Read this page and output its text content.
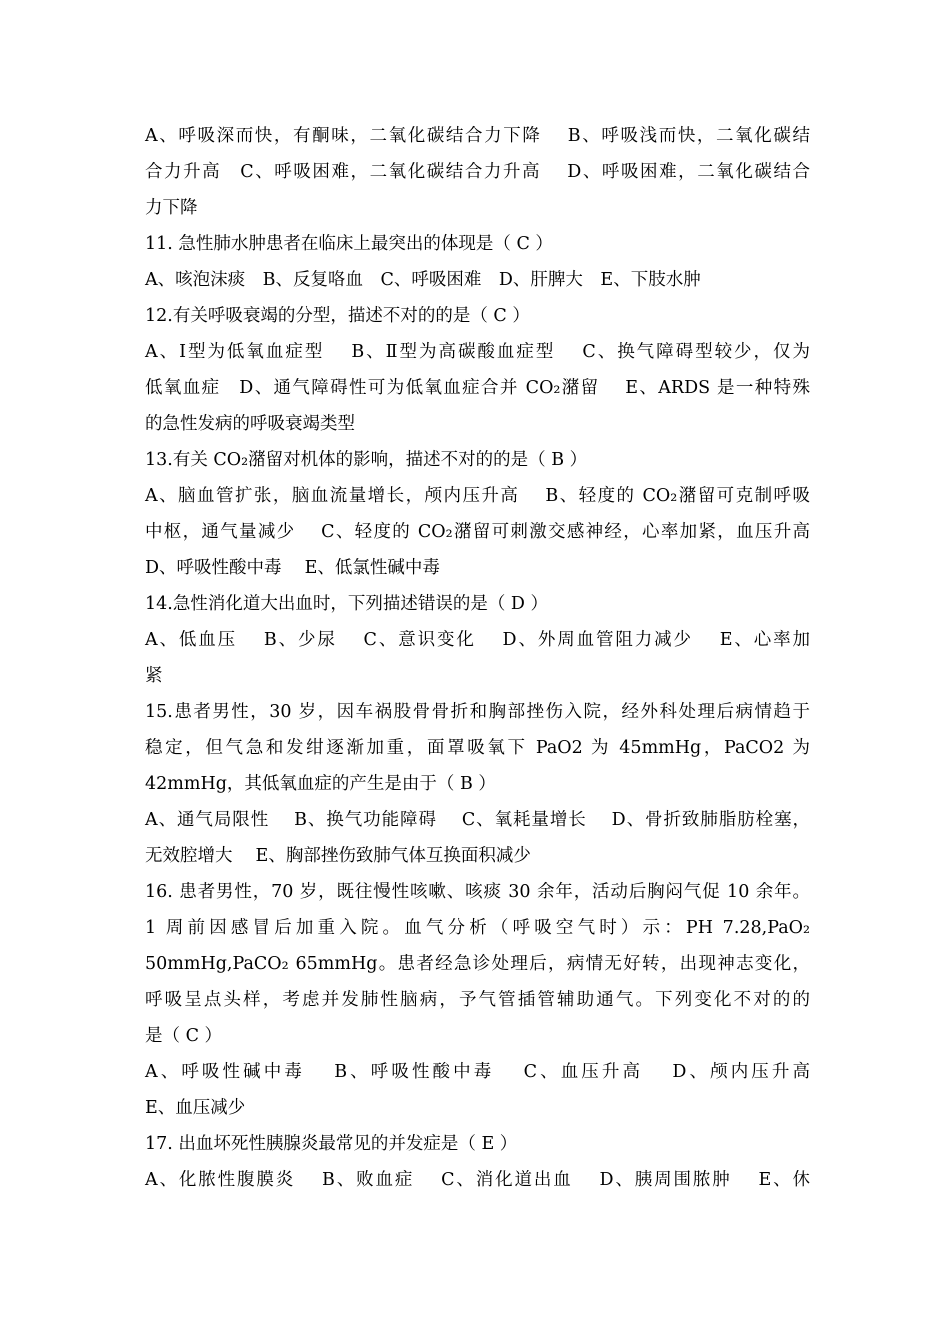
A、呼吸深而快，有酮味，二氧化碳结合力下降　 B、呼吸浅而快，二氧化碳结
合力升高　C、呼吸困难，二氧化碳结合力升高　 D、呼吸困难，二氧化碳结合
力下降
11. 急性肺水肿患者在临床上最突出的体现是（ C ）
A、咳泡沫痰　B、反复咯血　C、呼吸困难　D、肝脾大　E、下肢水肿
12.有关呼吸衰竭的分型，描述不对的的是（ C ）
A、Ⅰ型为低氧血症型　 B、Ⅱ型为高碳酸血症型　 C、换气障碍型较少，仅为
低氧血症　D、通气障碍性可为低氧血症合并 CO₂潴留　 E、ARDS 是一种特殊
的急性发病的呼吸衰竭类型
13.有关 CO₂潴留对机体的影响，描述不对的的是（ B ）
A、脑血管扩张，脑血流量增长，颅内压升高　 B、轻度的 CO₂潴留可克制呼吸
中枢，通气量减少　 C、轻度的 CO₂潴留可刺激交感神经，心率加紧，血压升高
D、呼吸性酸中毒　 E、低氯性碱中毒
14.急性消化道大出血时，下列描述错误的是（ D ）
A、低血压　 B、少尿　 C、意识变化　 D、外周血管阻力减少　 E、心率加
紧
15.患者男性，30 岁，因车祸股骨骨折和胸部挫伤入院，经外科处理后病情趋于
稳定，但气急和发绀逐渐加重，面罩吸氧下 PaO2 为 45mmHg，PaCO2 为
42mmHg，其低氧血症的产生是由于（ B ）
A、通气局限性　 B、换气功能障碍　 C、氧耗量增长　 D、骨折致肺脂肪栓塞，
无效腔增大　 E、胸部挫伤致肺气体互换面积减少
16. 患者男性，70 岁，既往慢性咳嗽、咳痰 30 余年，活动后胸闷气促 10 余年。
1 周前因感冒后加重入院。血气分析（呼吸空气时）示：PH 7.28,PaO₂
50mmHg,PaCO₂ 65mmHg。患者经急诊处理后，病情无好转，出现神志变化，
呼吸呈点头样，考虑并发肺性脑病，予气管插管辅助通气。下列变化不对的的
是（ C ）
A、呼吸性碱中毒　 B、呼吸性酸中毒　 C、血压升高　 D、颅内压升高
E、血压减少
17. 出血坏死性胰腺炎最常见的并发症是（ E ）
A、化脓性腹膜炎　 B、败血症　 C、消化道出血　 D、胰周围脓肿　 E、休
